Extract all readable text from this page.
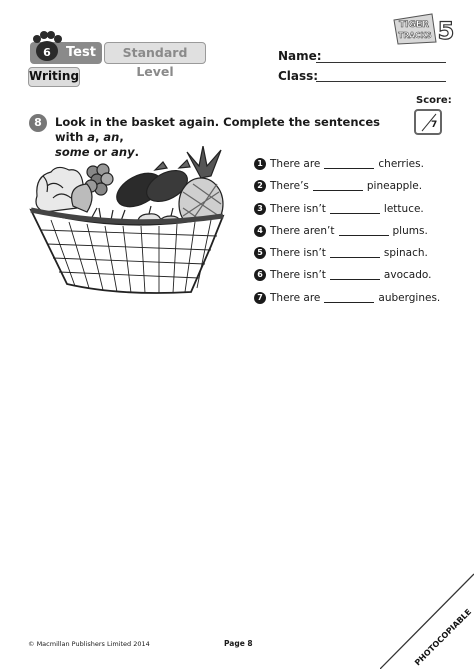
6 Test	Standard Level
Writing
TIGER
TRACKS 5
Name:
Class:
Score:
7
8	Look in the basket again. Complete the sentences with a, an,
some or any.
1 There are	cherries.
2 There’s	pineapple.
3 There isn’t	lettuce.
4 There aren’t	plums.
5 There isn’t	spinach.
6 There isn’t	avocado.
7 There are	aubergines.
© Macmillan Publishers Limited 2014	Page 8	PHOTOCOPIABLE
